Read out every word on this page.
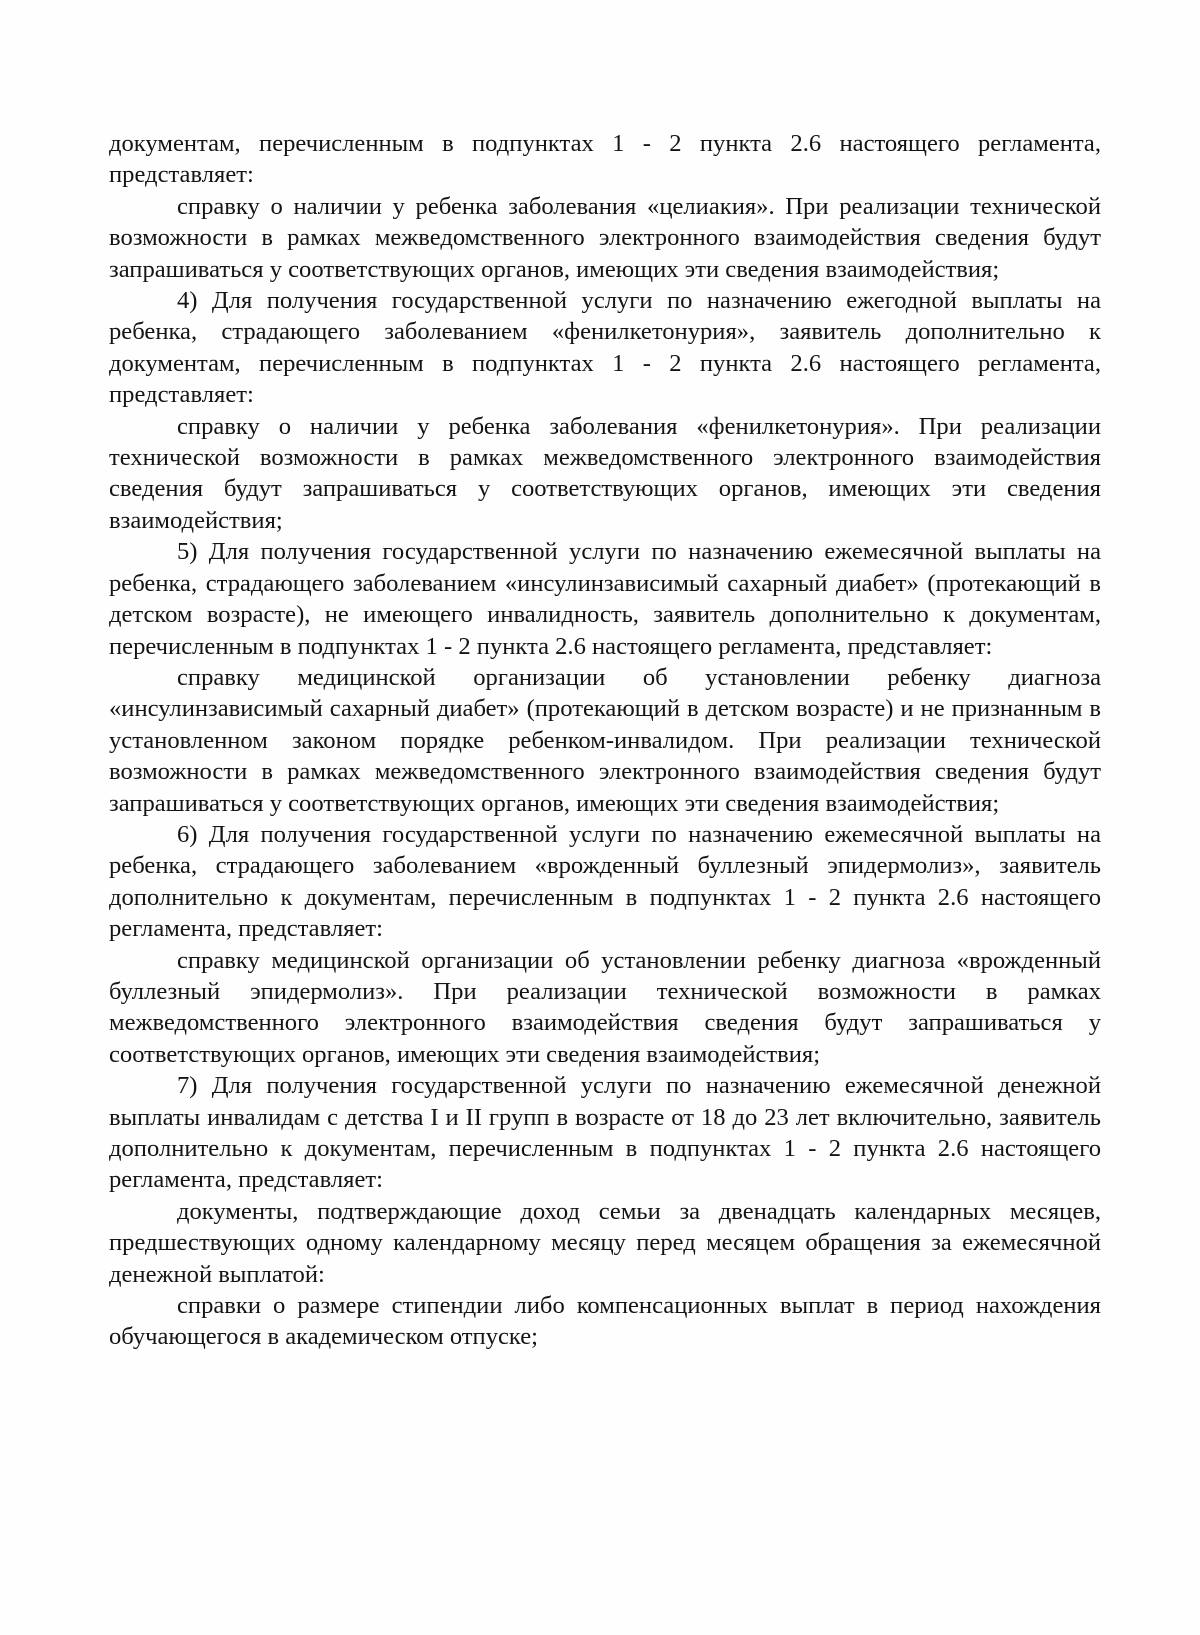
документам, перечисленным в подпунктах 1 - 2 пункта 2.6 настоящего регламента, представляет:

справку о наличии у ребенка заболевания «целиакия». При реализации технической возможности в рамках межведомственного электронного взаимодействия сведения будут запрашиваться у соответствующих органов, имеющих эти сведения взаимодействия;

4) Для получения государственной услуги по назначению ежегодной выплаты на ребенка, страдающего заболеванием «фенилкетонурия», заявитель дополнительно к документам, перечисленным в подпунктах 1 - 2 пункта 2.6 настоящего регламента, представляет:

справку о наличии у ребенка заболевания «фенилкетонурия». При реализации технической возможности в рамках межведомственного электронного взаимодействия сведения будут запрашиваться у соответствующих органов, имеющих эти сведения взаимодействия;

5) Для получения государственной услуги по назначению ежемесячной выплаты на ребенка, страдающего заболеванием «инсулинзависимый сахарный диабет» (протекающий в детском возрасте), не имеющего инвалидность, заявитель дополнительно к документам, перечисленным в подпунктах 1 - 2 пункта 2.6 настоящего регламента, представляет:

справку медицинской организации об установлении ребенку диагноза «инсулинзависимый сахарный диабет» (протекающий в детском возрасте) и не признанным в установленном законом порядке ребенком-инвалидом. При реализации технической возможности в рамках межведомственного электронного взаимодействия сведения будут запрашиваться у соответствующих органов, имеющих эти сведения взаимодействия;

6) Для получения государственной услуги по назначению ежемесячной выплаты на ребенка, страдающего заболеванием «врожденный буллезный эпидермолиз», заявитель дополнительно к документам, перечисленным в подпунктах 1 - 2 пункта 2.6 настоящего регламента, представляет:

справку медицинской организации об установлении ребенку диагноза «врожденный буллезный эпидермолиз». При реализации технической возможности в рамках межведомственного электронного взаимодействия сведения будут запрашиваться у соответствующих органов, имеющих эти сведения взаимодействия;

7) Для получения государственной услуги по назначению ежемесячной денежной выплаты инвалидам с детства I и II групп в возрасте от 18 до 23 лет включительно, заявитель дополнительно к документам, перечисленным в подпунктах 1 - 2 пункта 2.6 настоящего регламента, представляет:

документы, подтверждающие доход семьи за двенадцать календарных месяцев, предшествующих одному календарному месяцу перед месяцем обращения за ежемесячной денежной выплатой:

справки о размере стипендии либо компенсационных выплат в период нахождения обучающегося в академическом отпуске;
